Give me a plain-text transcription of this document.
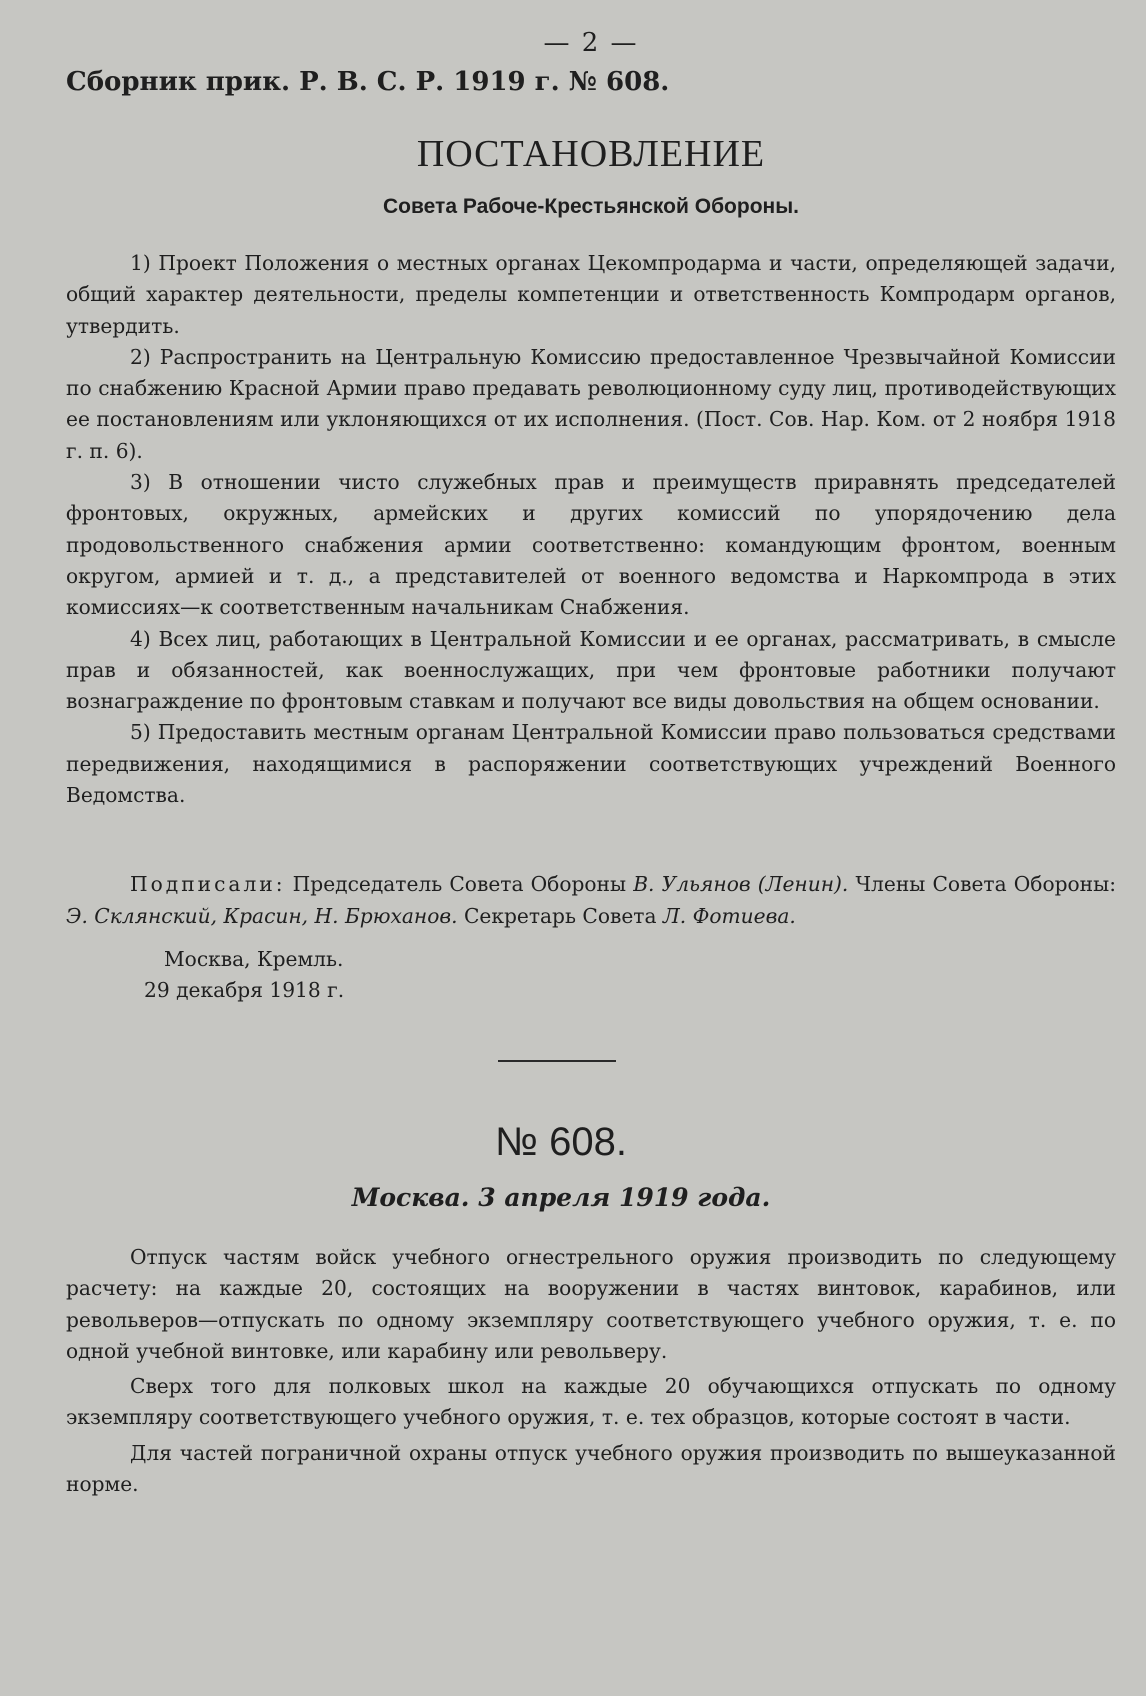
— 2 —
Сборник прик. Р. В. С. Р. 1919 г. № 608.
ПОСТАНОВЛЕНИЕ
Совета Рабоче-Крестьянской Обороны.

1) Проект Положения о местных органах Цекомпродарма и части, определяющей задачи, общий характер деятельности, пределы компетенции и ответственность Компродарм органов, утвердить.

2) Распространить на Центральную Комиссию предоставленное Чрезвычайной Комиссии по снабжению Красной Армии право предавать революционному суду лиц, противодействующих ее постановлениям или уклоняющихся от их исполнения. (Пост. Сов. Нар. Ком. от 2 ноября 1918 г. п. 6).

3) В отношении чисто служебных прав и преимуществ приравнять председателей фронтовых, окружных, армейских и других комиссий по упорядочению дела продовольственного снабжения армии соответственно: командующим фронтом, военным округом, армией и т. д., а представителей от военного ведомства и Наркомпрода в этих комиссиях—к соответственным начальникам Снабжения.

4) Всех лиц, работающих в Центральной Комиссии и ее органах, рассматривать, в смысле прав и обязанностей, как военнослужащих, при чем фронтовые работники получают вознаграждение по фронтовым ставкам и получают все виды довольствия на общем основании.

5) Предоставить местным органам Центральной Комиссии право пользоваться средствами передвижения, находящимися в распоряжении соответствующих учреждений Военного Ведомства.

Подписали: Председатель Совета Обороны В. Ульянов (Ленин). Члены Совета Обороны: Э. Склянский, Красин, Н. Брюханов. Секретарь Совета Л. Фотиева.

Москва, Кремль.
29 декабря 1918 г.
№ 608.
Москва. 3 апреля 1919 года.

Отпуск частям войск учебного огнестрельного оружия производить по следующему расчету: на каждые 20, состоящих на вооружении в частях винтовок, карабинов, или револьверов—отпускать по одному экземпляру соответствующего учебного оружия, т. е. по одной учебной винтовке, или карабину или револьверу.

Сверх того для полковых школ на каждые 20 обучающихся отпускать по одному экземпляру соответствующего учебного оружия, т. е. тех образцов, которые состоят в части.

Для частей пограничной охраны отпуск учебного оружия производить по вышеуказанной норме.
